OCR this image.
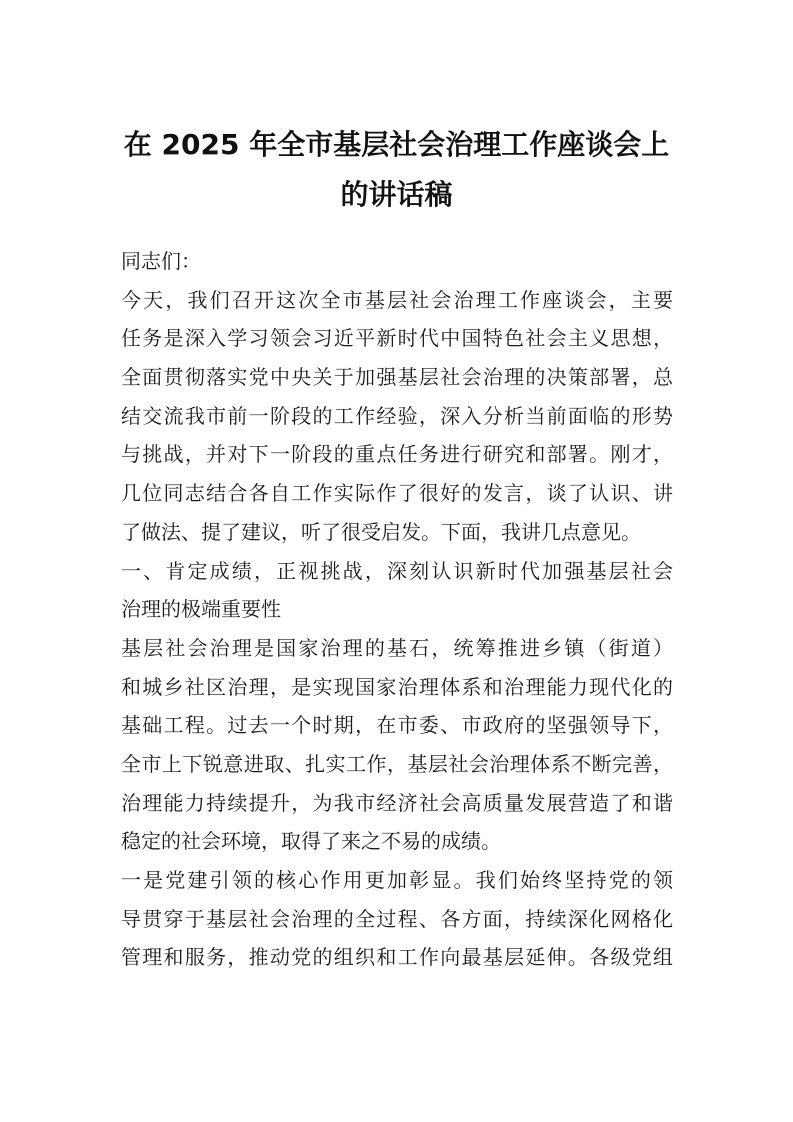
在 2025 年全市基层社会治理工作座谈会上
的讲话稿
同志们：
今天，我们召开这次全市基层社会治理工作座谈会，主要
任务是深入学习领会习近平新时代中国特色社会主义思想，
全面贯彻落实党中央关于加强基层社会治理的决策部署，总
结交流我市前一阶段的工作经验，深入分析当前面临的形势
与挑战，并对下一阶段的重点任务进行研究和部署。刚才，
几位同志结合各自工作实际作了很好的发言，谈了认识、讲
了做法、提了建议，听了很受启发。下面，我讲几点意见。
一、肯定成绩，正视挑战，深刻认识新时代加强基层社会
治理的极端重要性
基层社会治理是国家治理的基石，统筹推进乡镇（街道）
和城乡社区治理，是实现国家治理体系和治理能力现代化的
基础工程。过去一个时期，在市委、市政府的坚强领导下，
全市上下锐意进取、扎实工作，基层社会治理体系不断完善，
治理能力持续提升，为我市经济社会高质量发展营造了和谐
稳定的社会环境，取得了来之不易的成绩。
一是党建引领的核心作用更加彰显。我们始终坚持党的领
导贯穿于基层社会治理的全过程、各方面，持续深化网格化
管理和服务，推动党的组织和工作向最基层延伸。各级党组
